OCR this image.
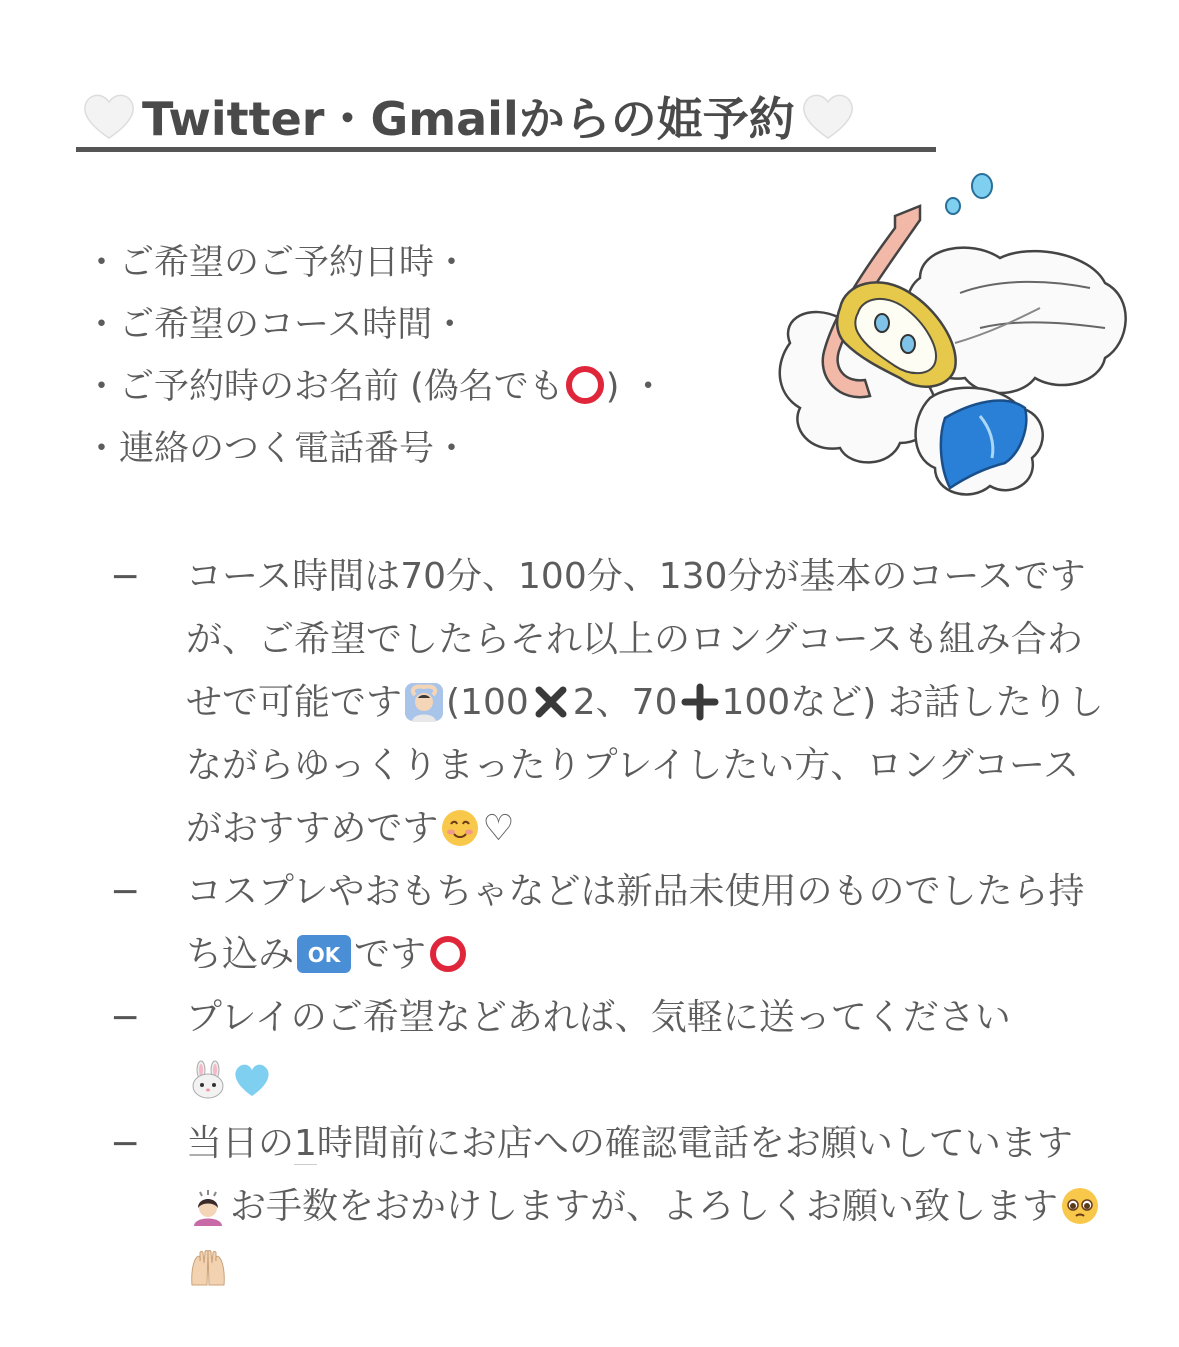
Twitter・Gmailからの姫予約
・ご希望のご予約日時・
・ご希望のコース時間・
・ご予約時のお名前 (偽名でも ) ・
・連絡のつく電話番号・
− コース時間は70分、100分、130分が基本のコースですが、ご希望でしたらそれ以上のロングコースも組み合わせで可能です (100 2、70 100など) お話したりしながらゆっくりまったりプレイしたい方、ロングコースがおすすめです ♡
− コスプレやおもちゃなどは新品未使用のものでしたら持ち込み OK です
− プレイのご希望などあれば、気軽に送ってください

− 当日の1時間前にお店への確認電話をお願いしていますお手数をおかけしますが、よろしくお願い致します
